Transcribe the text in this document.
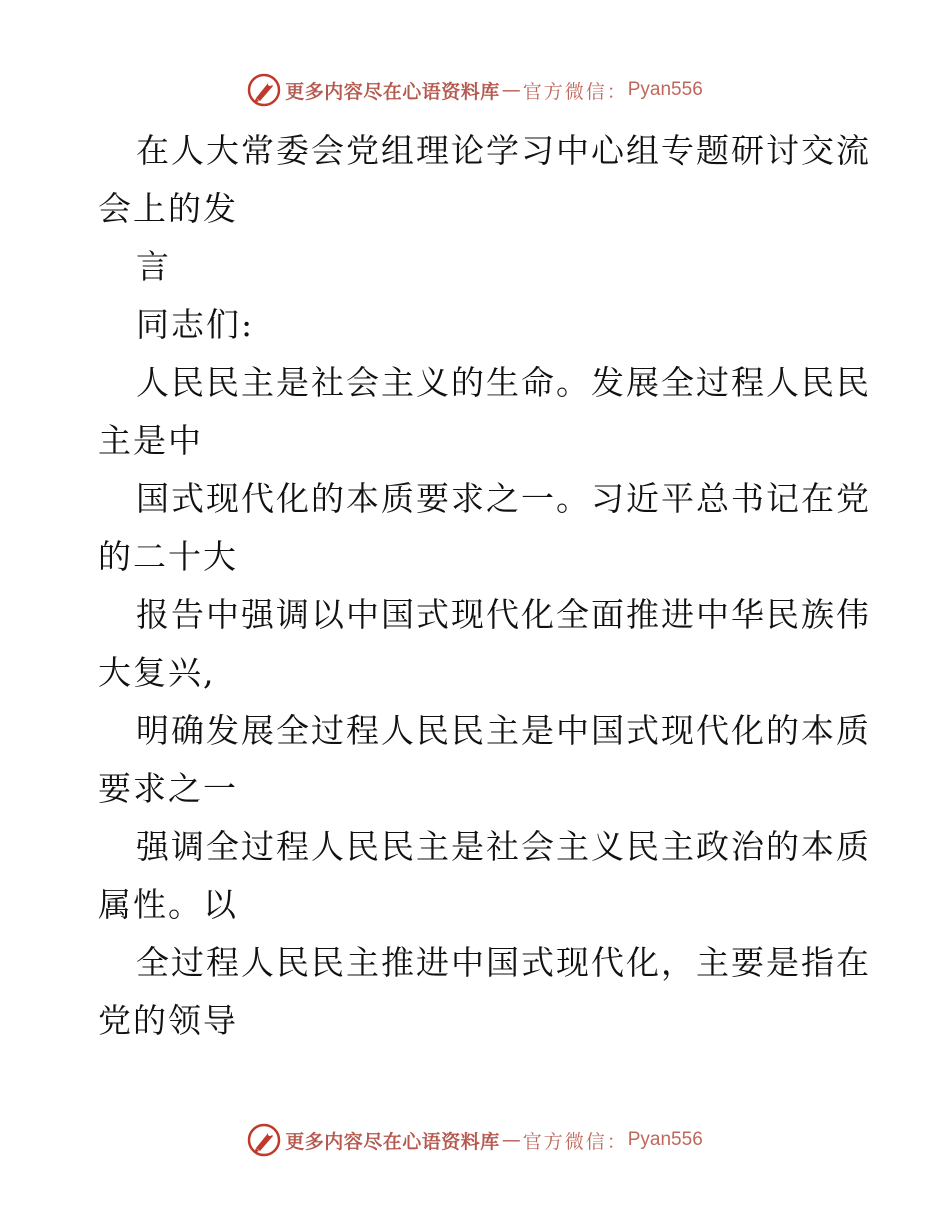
更多内容尽在心语资料库 — 官方微信： Pyan556
在人大常委会党组理论学习中心组专题研讨交流
会上的发
言
同志们:
人民民主是社会主义的生命。发展全过程人民民
主是中
国式现代化的本质要求之一。习近平总书记在党
的二十大
报告中强调以中国式现代化全面推进中华民族伟
大复兴,
明确发展全过程人民民主是中国式现代化的本质
要求之一
强调全过程人民民主是社会主义民主政治的本质
属性。以
全过程人民民主推进中国式现代化，主要是指在
党的领导
更多内容尽在心语资料库 — 官方微信： Pyan556
